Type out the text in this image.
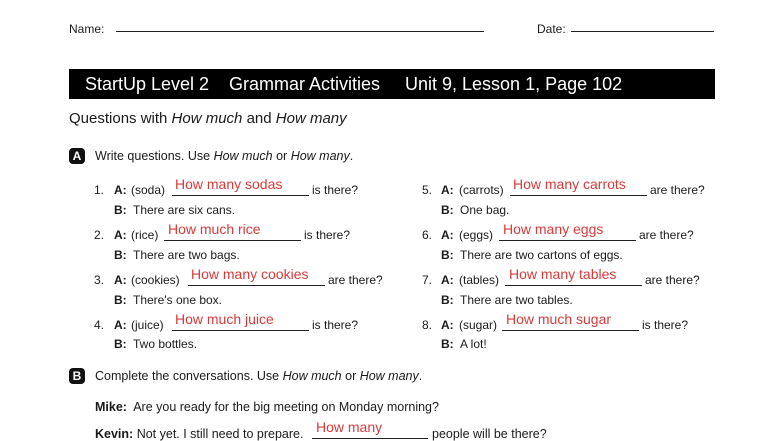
Name:	Date:

StartUp Level 2

Grammar Activities

Unit 9, Lesson 1, Page 102

Questions with How much and How many
A Write questions. Use How much or How many.
1. A: (soda) How many sodas is there?
B: There are six cans.
2. A: (rice) How much rice	is there?
B: There are two bags.
3. A: (cookies) How many cookies are there?
B: There's one box.
4. A: (juice) How much juice	is there?
B: Two bottles.
5. A: (carrots) How many carrots are there?
B: One bag.
6. A: (eggs) How many eggs	are there?
B: There are two cartons of eggs.
7. A: (tables) How many tables are there?
B: There are two tables.
8. A: (sugar) How much sugar	is there?
B: A lot!
B Complete the conversations. Use How much or How many.
Mike: Are you ready for the big meeting on Monday morning?
Kevin: Not yet. I still need to prepare. How many	people will be there?
